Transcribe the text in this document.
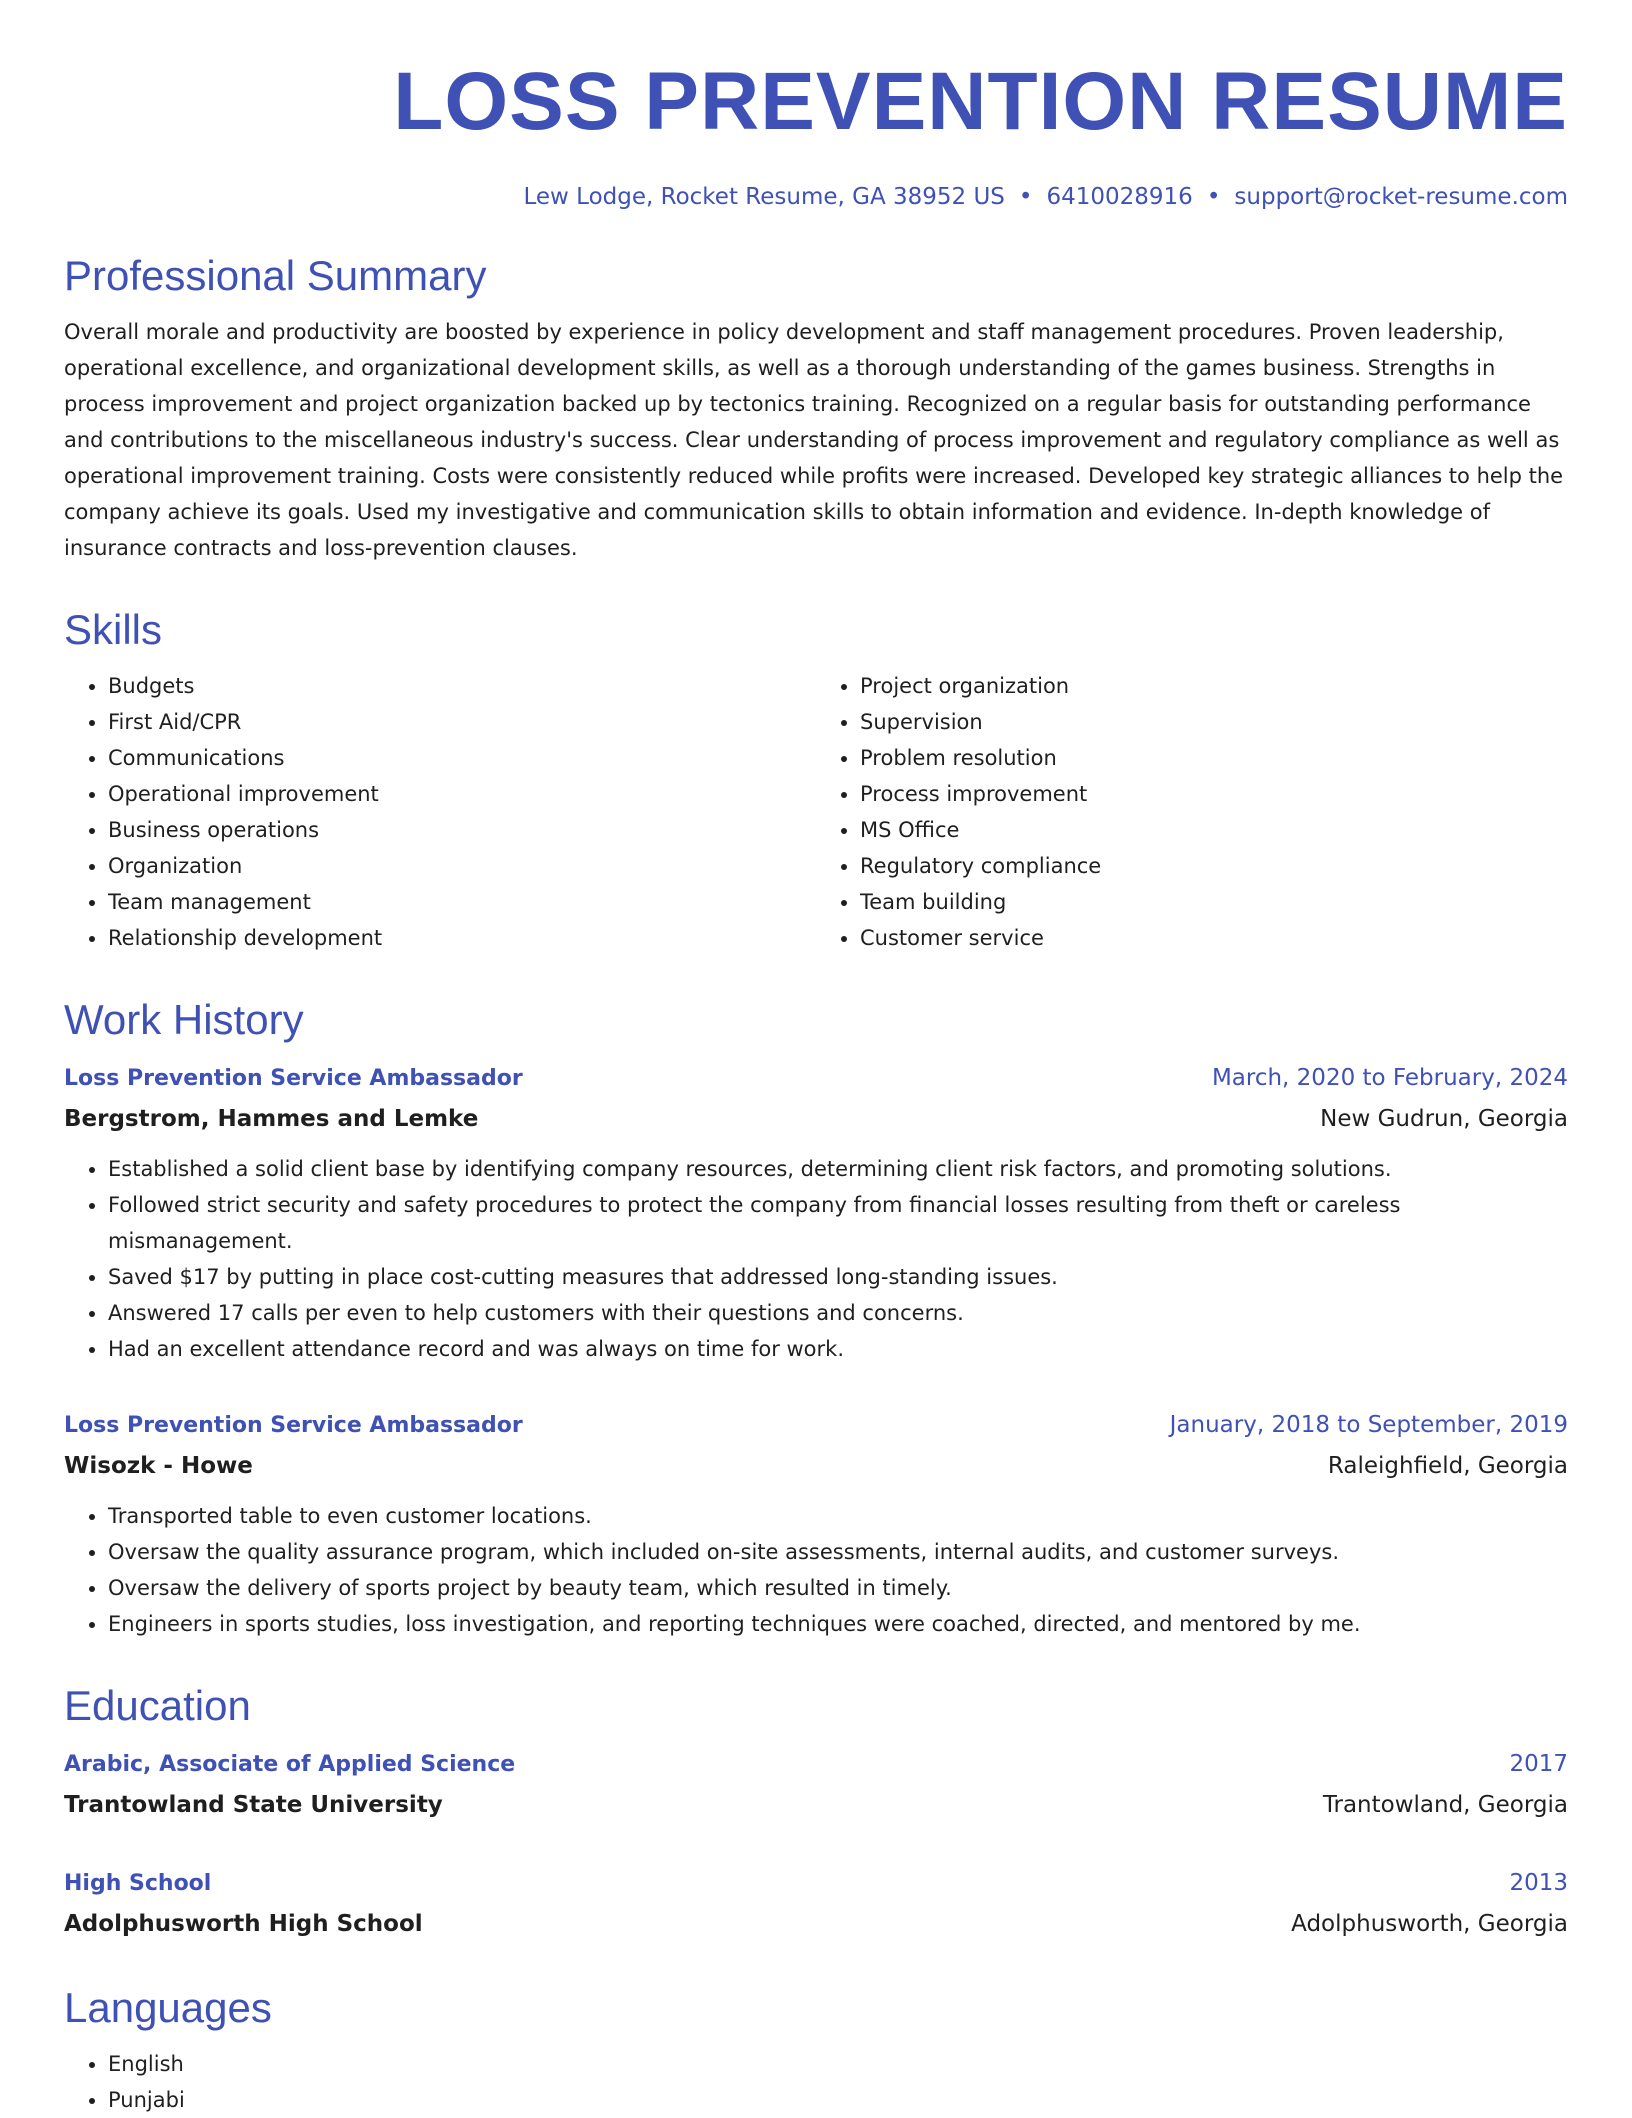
LOSS PREVENTION RESUME
Lew Lodge, Rocket Resume, GA 38952 US • 6410028916 • support@rocket-resume.com
Professional Summary

Overall morale and productivity are boosted by experience in policy development and staff management procedures. Proven leadership, operational excellence, and organizational development skills, as well as a thorough understanding of the games business. Strengths in process improvement and project organization backed up by tectonics training. Recognized on a regular basis for outstanding performance and contributions to the miscellaneous industry's success. Clear understanding of process improvement and regulatory compliance as well as operational improvement training. Costs were consistently reduced while profits were increased. Developed key strategic alliances to help the company achieve its goals. Used my investigative and communication skills to obtain information and evidence. In-depth knowledge of insurance contracts and loss-prevention clauses.

Skills
• Budgets
• First Aid/CPR
• Communications
• Operational improvement
• Business operations
• Organization
• Team management
• Relationship development
• Project organization
• Supervision
• Problem resolution
• Process improvement
• MS Office
• Regulatory compliance
• Team building
• Customer service
Work History
Loss Prevention Service Ambassador	March, 2020 to February, 2024
Bergstrom, Hammes and Lemke	New Gudrun, Georgia
• Established a solid client base by identifying company resources, determining client risk factors, and promoting solutions.
• Followed strict security and safety procedures to protect the company from financial losses resulting from theft or careless mismanagement.
• Saved $17 by putting in place cost-cutting measures that addressed long-standing issues.
• Answered 17 calls per even to help customers with their questions and concerns.
• Had an excellent attendance record and was always on time for work.
Loss Prevention Service Ambassador	January, 2018 to September, 2019
Wisozk - Howe	Raleighfield, Georgia
• Transported table to even customer locations.
• Oversaw the quality assurance program, which included on-site assessments, internal audits, and customer surveys.
• Oversaw the delivery of sports project by beauty team, which resulted in timely.
• Engineers in sports studies, loss investigation, and reporting techniques were coached, directed, and mentored by me.
Education
Arabic, Associate of Applied Science	2017
Trantowland State University	Trantowland, Georgia
High School	2013
Adolphusworth High School	Adolphusworth, Georgia
Languages
• English
• Punjabi
